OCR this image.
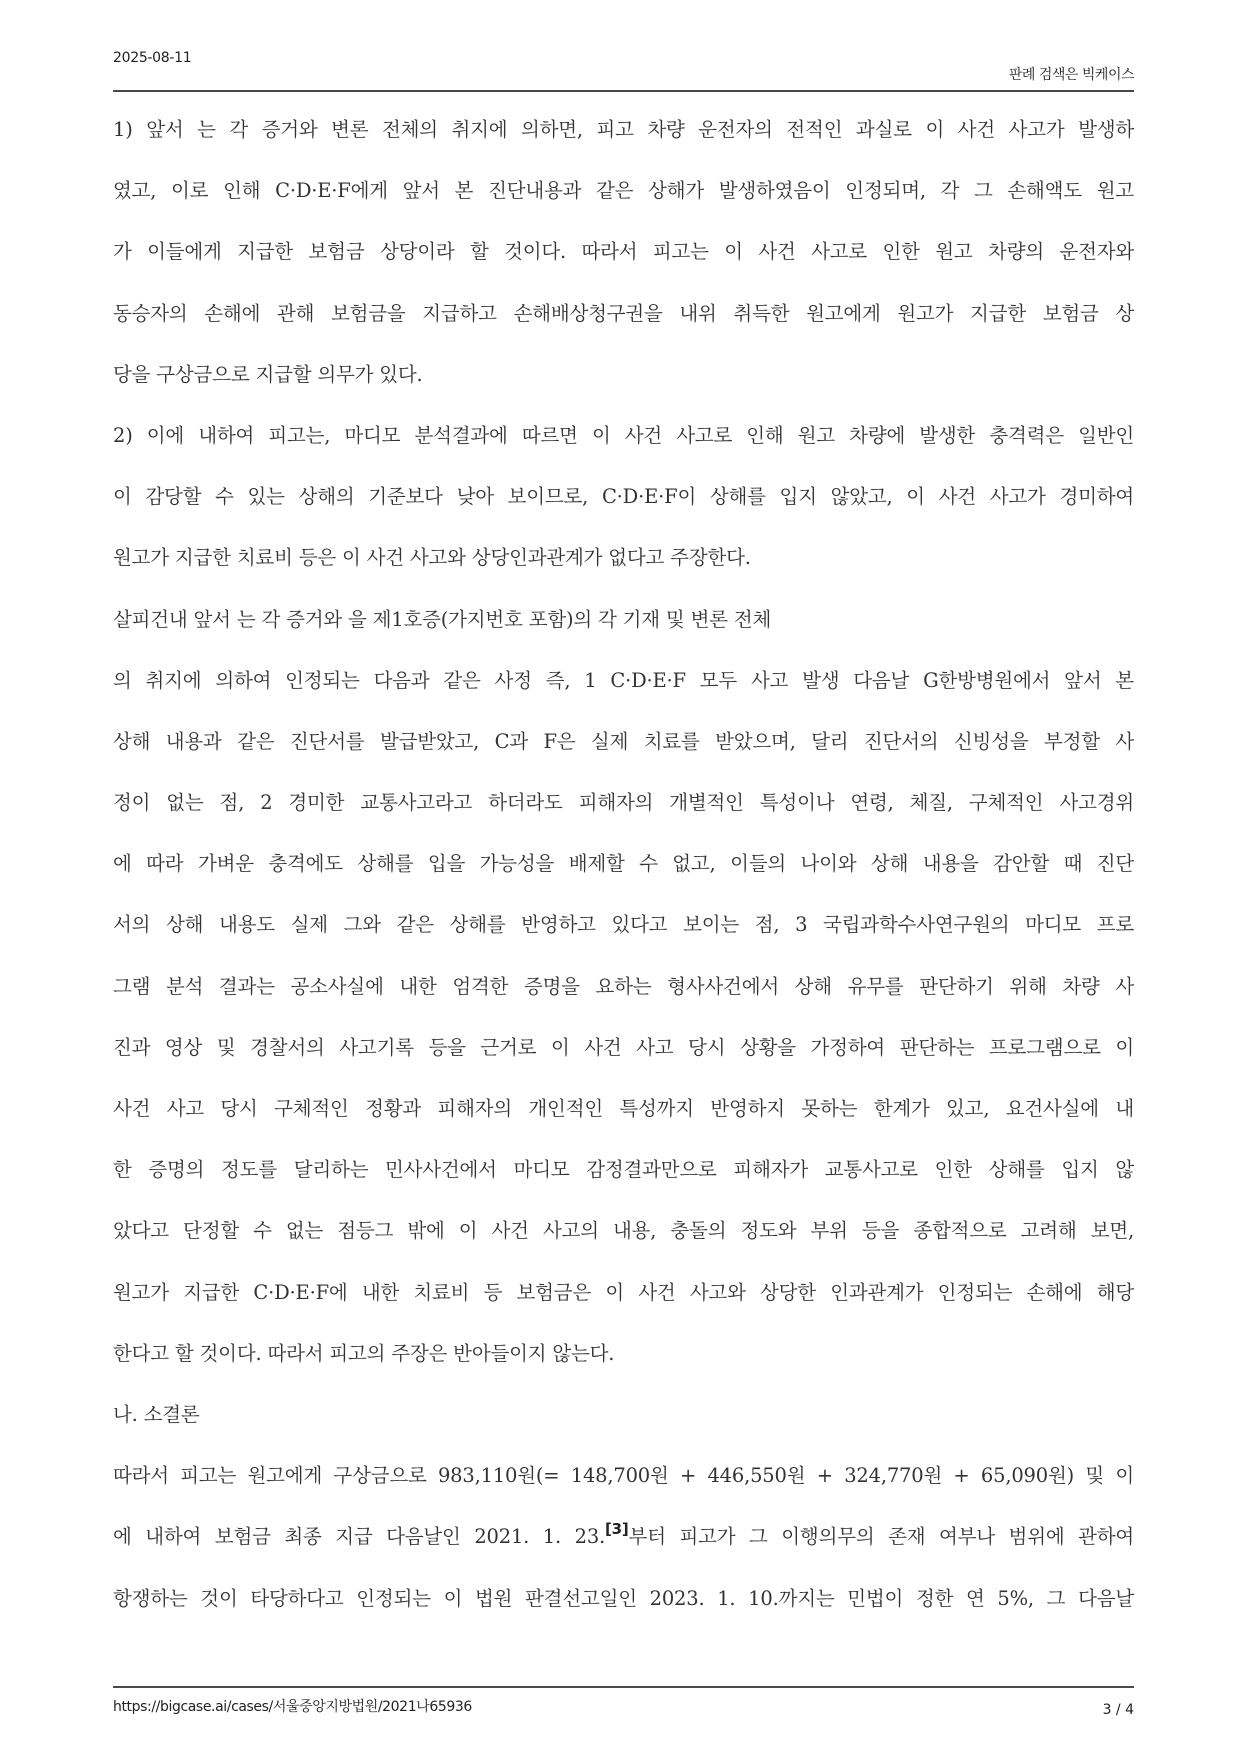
2025-08-11
판례 검색은 빅케이스
1) 앞서 는 각 증거와 변론 전체의 취지에 의하면, 피고 차량 운전자의 전적인 과실로 이 사건 사고가 발생하
였고, 이로 인해 C·D·E·F에게 앞서 본 진단내용과 같은 상해가 발생하였음이 인정되며, 각 그 손해액도 원고
가 이들에게 지급한 보험금 상당이라 할 것이다. 따라서 피고는 이 사건 사고로 인한 원고 차량의 운전자와
동승자의 손해에 관해 보험금을 지급하고 손해배상청구권을 내위 취득한 원고에게 원고가 지급한 보험금 상
당을 구상금으로 지급할 의무가 있다.
2) 이에 내하여 피고는, 마디모 분석결과에 따르면 이 사건 사고로 인해 원고 차량에 발생한 충격력은 일반인
이 감당할 수 있는 상해의 기준보다 낮아 보이므로, C·D·E·F이 상해를 입지 않았고, 이 사건 사고가 경미하여
원고가 지급한 치료비 등은 이 사건 사고와 상당인과관계가 없다고 주장한다.
살피건내 앞서 는 각 증거와 을 제1호증(가지번호 포함)의 각 기재 및 변론 전체
의 취지에 의하여 인정되는 다음과 같은 사정 즉, 1 C·D·E·F 모두 사고 발생 다음날 G한방병원에서 앞서 본
상해 내용과 같은 진단서를 발급받았고, C과 F은 실제 치료를 받았으며, 달리 진단서의 신빙성을 부정할 사
정이 없는 점, 2 경미한 교통사고라고 하더라도 피해자의 개별적인 특성이나 연령, 체질, 구체적인 사고경위
에 따라 가벼운 충격에도 상해를 입을 가능성을 배제할 수 없고, 이들의 나이와 상해 내용을 감안할 때 진단
서의 상해 내용도 실제 그와 같은 상해를 반영하고 있다고 보이는 점, 3 국립과학수사연구원의 마디모 프로
그램 분석 결과는 공소사실에 내한 엄격한 증명을 요하는 형사사건에서 상해 유무를 판단하기 위해 차량 사
진과 영상 및 경찰서의 사고기록 등을 근거로 이 사건 사고 당시 상황을 가정하여 판단하는 프로그램으로 이
사건 사고 당시 구체적인 정황과 피해자의 개인적인 특성까지 반영하지 못하는 한계가 있고, 요건사실에 내
한 증명의 정도를 달리하는 민사사건에서 마디모 감정결과만으로 피해자가 교통사고로 인한 상해를 입지 않
았다고 단정할 수 없는 점등그 밖에 이 사건 사고의 내용, 충돌의 정도와 부위 등을 종합적으로 고려해 보면,
원고가 지급한 C·D·E·F에 내한 치료비 등 보험금은 이 사건 사고와 상당한 인과관계가 인정되는 손해에 해당
한다고 할 것이다. 따라서 피고의 주장은 반아들이지 않는다.
나. 소결론
따라서 피고는 원고에게 구상금으로 983,110원(= 148,700원 + 446,550원 + 324,770원 + 65,090원) 및 이
에 내하여 보험금 최종 지급 다음날인 2021. 1. 23.[3]부터 피고가 그 이행의무의 존재 여부나 범위에 관하여
항쟁하는 것이 타당하다고 인정되는 이 법원 판결선고일인 2023. 1. 10.까지는 민법이 정한 연 5%, 그 다음날
https://bigcase.ai/cases/서울중앙지방법원/2021나65936	3 / 4
